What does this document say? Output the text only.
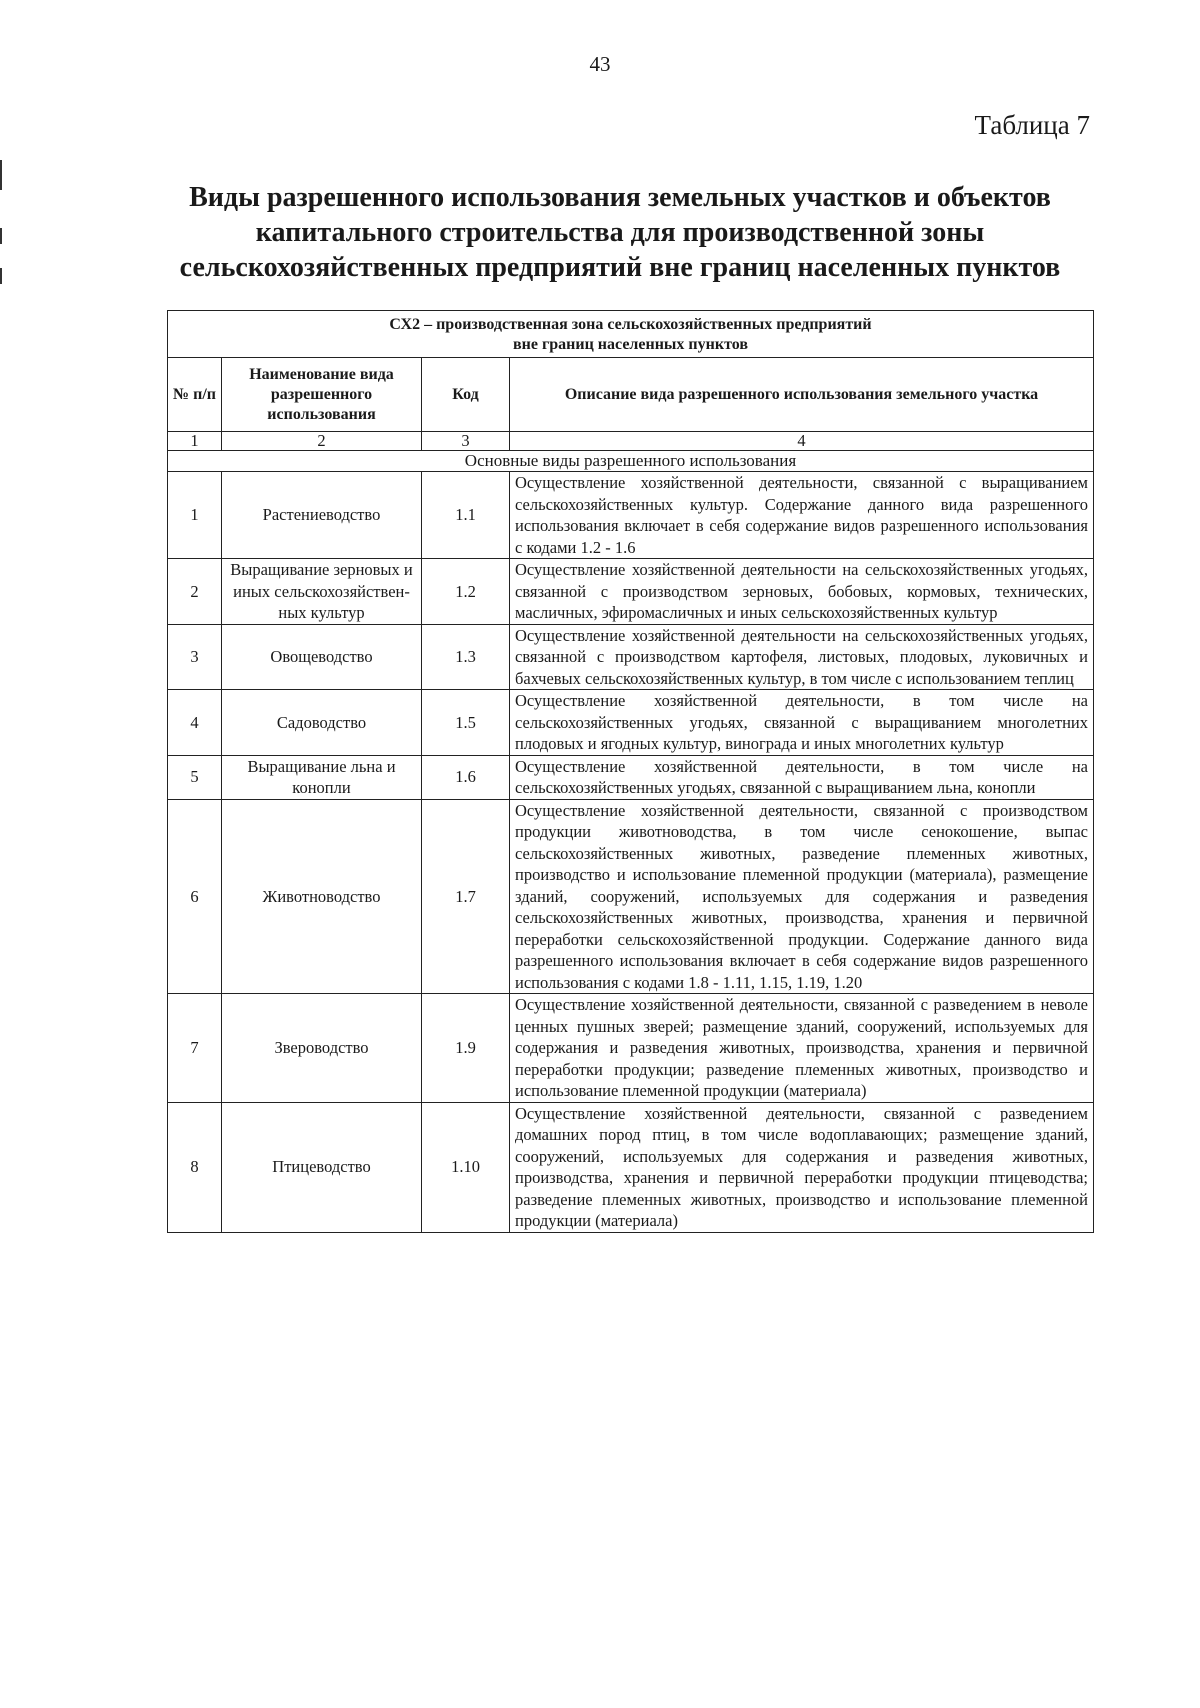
43
Таблица 7
Виды разрешенного использования земельных участков и объектов
капитального строительства для производственной зоны
сельскохозяйственных предприятий вне границ населенных пунктов
СХ2 – производственная зона сельскохозяйственных предприятий
вне границ населенных пунктов			

№ п/п	Наименование вида разрешенного использования	Код	Описание вида разрешенного использования земельного участка
1	2	3	4
Основные виды разрешенного использования			
1	Растениеводство	1.1	Осуществление хозяйственной деятельности, связанной с выращиванием сельскохозяйственных культур. Содержание данного вида разрешенного использования включает в себя содержание видов разрешенного использования с кодами 1.2 - 1.6
2	Выращивание зерновых и иных сельскохозяйствен-ных культур	1.2	Осуществление хозяйственной деятельности на сельскохозяйственных угодьях, связанной с производством зерновых, бобовых, кормовых, технических, масличных, эфиромасличных и иных сельскохозяйственных культур
3	Овощеводство	1.3	Осуществление хозяйственной деятельности на сельскохозяйственных угодьях, связанной с производством картофеля, листовых, плодовых, луковичных и бахчевых сельскохозяйственных культур, в том числе с использованием теплиц
4	Садоводство	1.5	Осуществление хозяйственной деятельности, в том числе на сельскохозяйственных угодьях, связанной с выращиванием многолетних плодовых и ягодных культур, винограда и иных многолетних культур
5	Выращивание льна и конопли	1.6	Осуществление хозяйственной деятельности, в том числе на сельскохозяйственных угодьях, связанной с выращиванием льна, конопли
6	Животноводство	1.7	Осуществление хозяйственной деятельности, связанной с производством продукции животноводства, в том числе сенокошение, выпас сельскохозяйственных животных, разведение племенных животных, производство и использование племенной продукции (материала), размещение зданий, сооружений, используемых для содержания и разведения сельскохозяйственных животных, производства, хранения и первичной переработки сельскохозяйственной продукции. Содержание данного вида разрешенного использования включает в себя содержание видов разрешенного использования с кодами 1.8 - 1.11, 1.15, 1.19, 1.20
7	Звероводство	1.9	Осуществление хозяйственной деятельности, связанной с разведением в неволе ценных пушных зверей; размещение зданий, сооружений, используемых для содержания и разведения животных, производства, хранения и первичной переработки продукции; разведение племенных животных, производство и использование племенной продукции (материала)
8	Птицеводство	1.10	Осуществление хозяйственной деятельности, связанной с разведением домашних пород птиц, в том числе водоплавающих; размещение зданий, сооружений, используемых для содержания и разведения животных, производства, хранения и первичной переработки продукции птицеводства; разведение племенных животных, производство и использование племенной продукции (материала)
